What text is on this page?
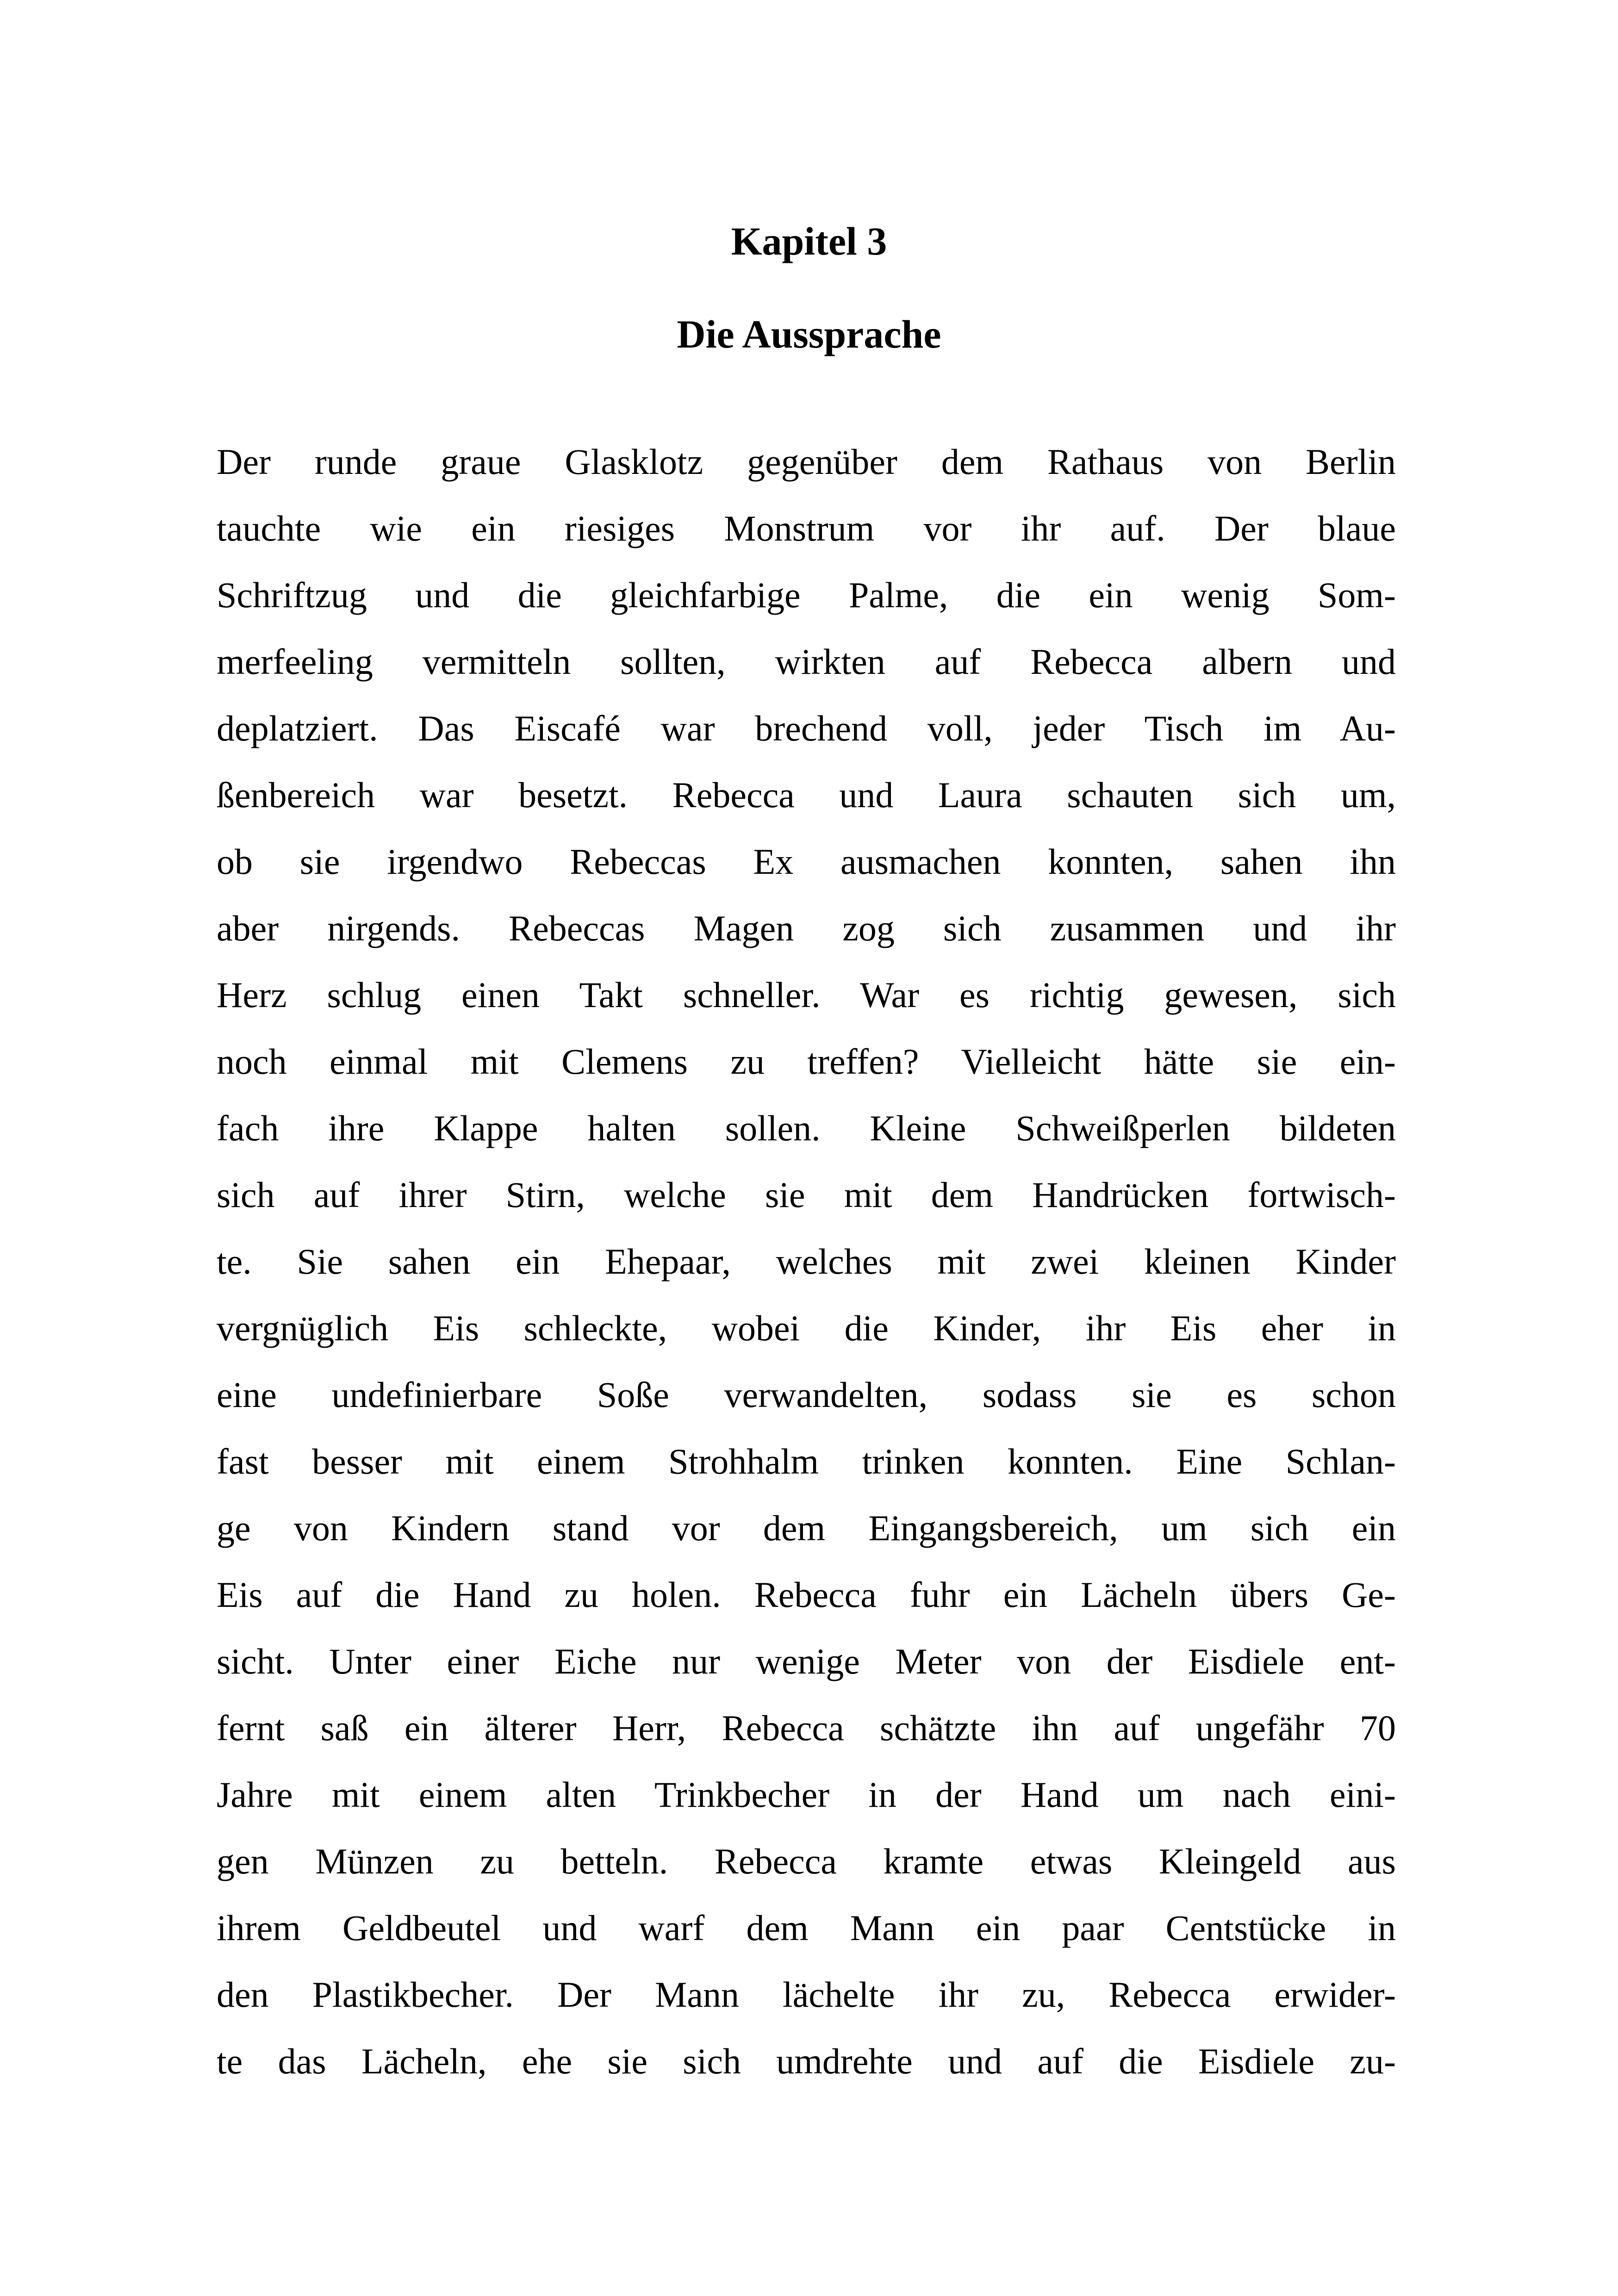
Kapitel 3
Die Aussprache
Der runde graue Glasklotz gegenüber dem Rathaus von Berlin
tauchte wie ein riesiges Monstrum vor ihr auf. Der blaue
Schriftzug und die gleichfarbige Palme, die ein wenig Som-
merfeeling vermitteln sollten, wirkten auf Rebecca albern und
deplatziert. Das Eiscafé war brechend voll, jeder Tisch im Au-
ßenbereich war besetzt. Rebecca und Laura schauten sich um,
ob sie irgendwo Rebeccas Ex ausmachen konnten, sahen ihn
aber nirgends. Rebeccas Magen zog sich zusammen und ihr
Herz schlug einen Takt schneller. War es richtig gewesen, sich
noch einmal mit Clemens zu treffen? Vielleicht hätte sie ein-
fach ihre Klappe halten sollen. Kleine Schweißperlen bildeten
sich auf ihrer Stirn, welche sie mit dem Handrücken fortwisch-
te. Sie sahen ein Ehepaar, welches mit zwei kleinen Kinder
vergnüglich Eis schleckte, wobei die Kinder, ihr Eis eher in
eine undefinierbare Soße verwandelten, sodass sie es schon
fast besser mit einem Strohhalm trinken konnten. Eine Schlan-
ge von Kindern stand vor dem Eingangsbereich, um sich ein
Eis auf die Hand zu holen. Rebecca fuhr ein Lächeln übers Ge-
sicht. Unter einer Eiche nur wenige Meter von der Eisdiele ent-
fernt saß ein älterer Herr, Rebecca schätzte ihn auf ungefähr 70
Jahre mit einem alten Trinkbecher in der Hand um nach eini-
gen Münzen zu betteln. Rebecca kramte etwas Kleingeld aus
ihrem Geldbeutel und warf dem Mann ein paar Centstücke in
den Plastikbecher. Der Mann lächelte ihr zu, Rebecca erwider-
te das Lächeln, ehe sie sich umdrehte und auf die Eisdiele zu-
